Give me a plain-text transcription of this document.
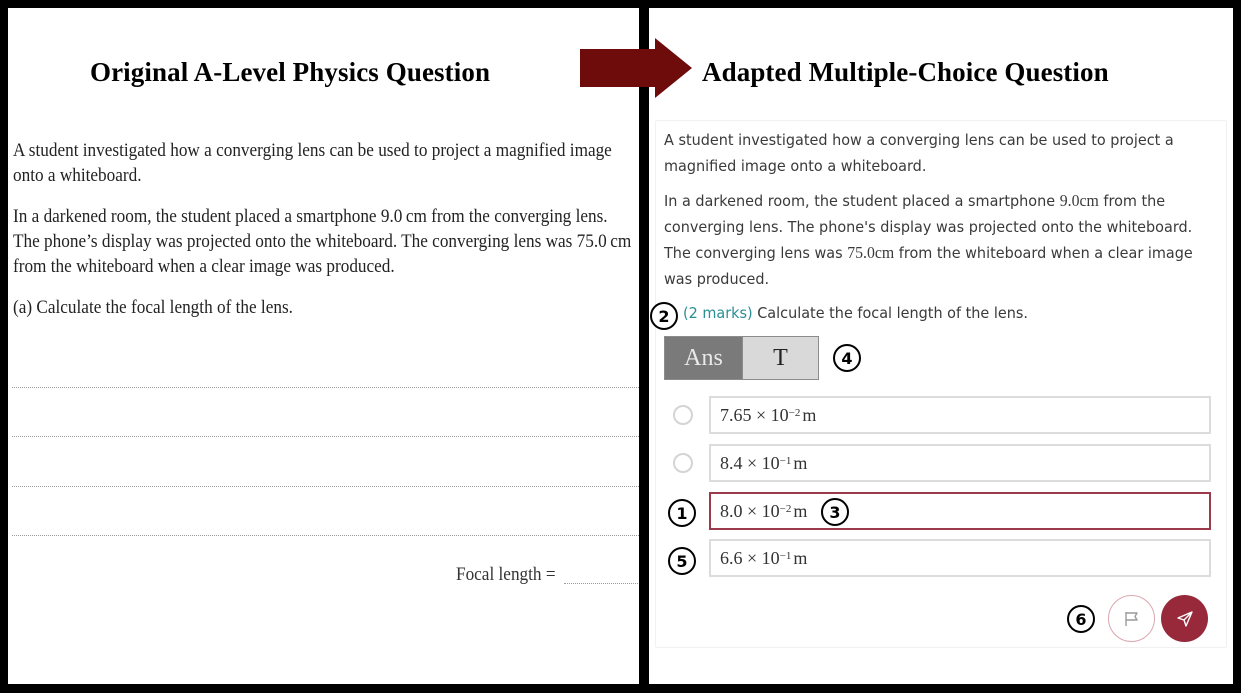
Original A-Level Physics Question
A student investigated how a converging lens can be used to project a magnified image onto a whiteboard.
In a darkened room, the student placed a smartphone 9.0 cm from the converging lens. The phone’s display was projected onto the whiteboard. The converging lens was 75.0 cm from the whiteboard when a clear image was produced.
(a) Calculate the focal length of the lens.
Focal length =
Adapted Multiple-Choice Question
A student investigated how a converging lens can be used to project a magnified image onto a whiteboard.
In a darkened room, the student placed a smartphone 9.0cm from the converging lens. The phone's display was projected onto the whiteboard. The converging lens was 75.0cm from the whiteboard when a clear image was produced.
2 (2 marks) Calculate the focal length of the lens.
Ans	T	4
$7.65 \times 10^{-2}$ m
$8.4 \times 10^{-1}$ m
1	$8.0 \times 10^{-2}$ m	3
5	$6.6 \times 10^{-1}$ m
6
